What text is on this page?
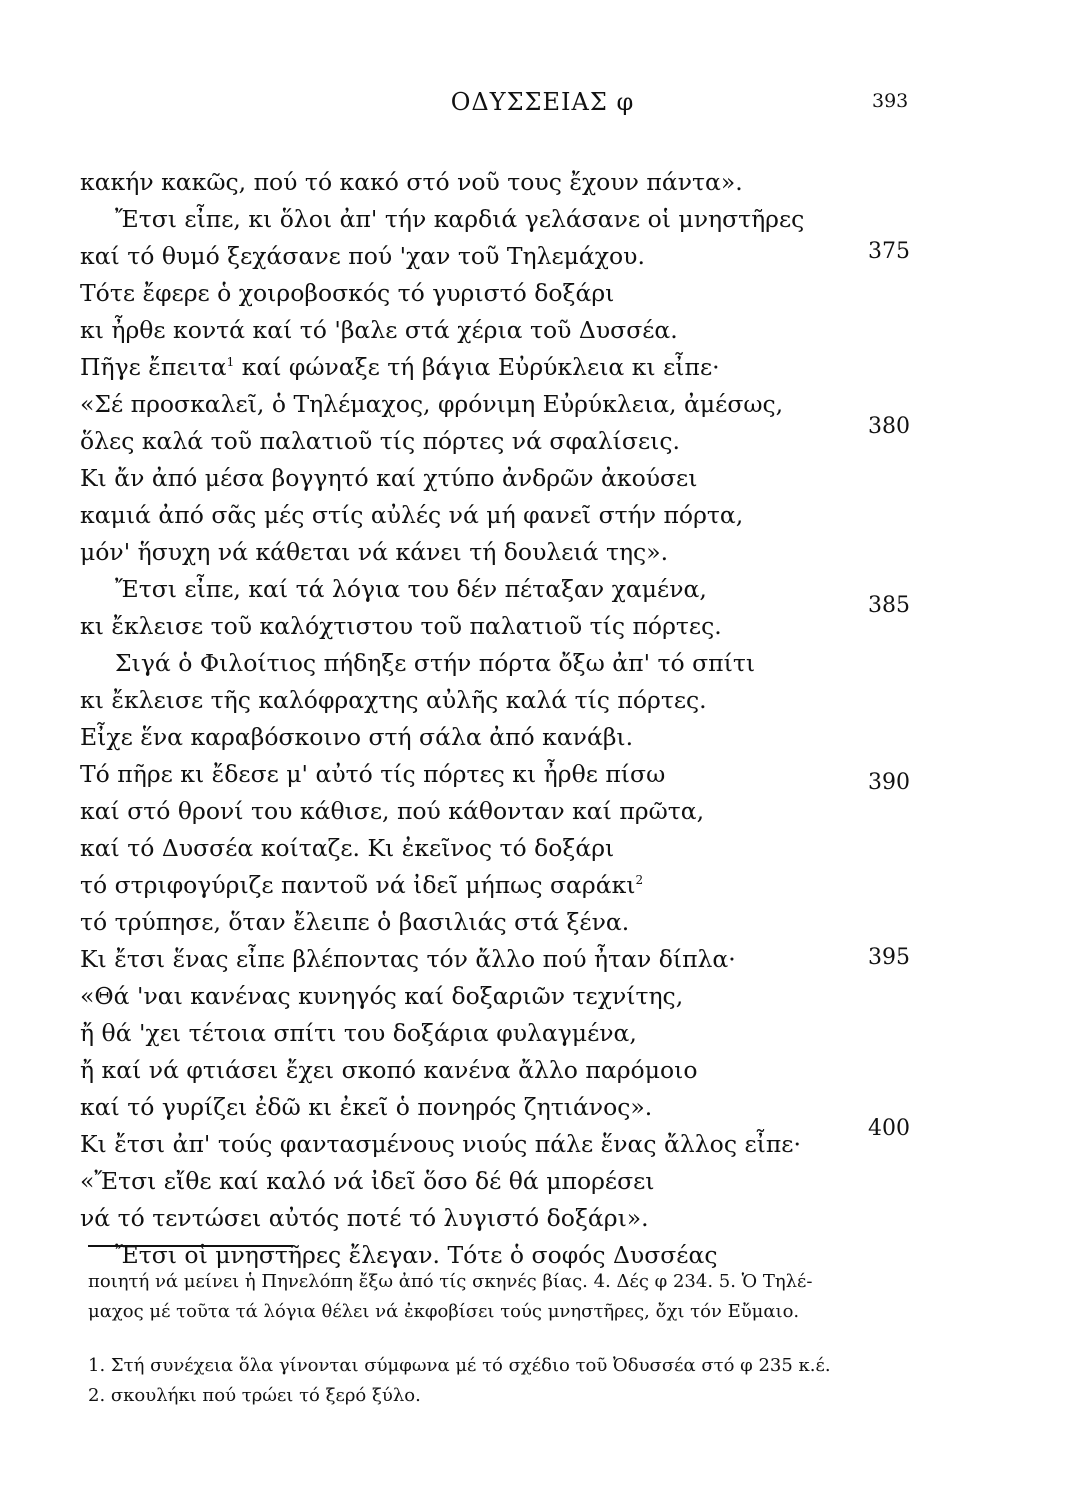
ΟΔΥΣΣΕΙΑΣ φ	393
κακήν κακῶς, πού τό κακό στό νοῦ τους ἔχουν πάντα».
Ἔτσι εἶπε, κι ὅλοι ἀπ' τήν καρδιά γελάσανε οἱ μνηστῆρες
καί τό θυμό ξεχάσανε πού 'χαν τοῦ Τηλεμάχου.	375
Τότε ἔφερε ὁ χοιροβοσκός τό γυριστό δοξάρι
κι ἦρθε κοντά καί τό 'βαλε στά χέρια τοῦ Δυσσέα.
Πῆγε ἔπειτα$^1$ καί φώναξε τή βάγια Εὐρύκλεια κι εἶπε·
«Σέ προσκαλεῖ, ὁ Τηλέμαχος, φρόνιμη Εὐρύκλεια, ἀμέσως,
ὅλες καλά τοῦ παλατιοῦ τίς πόρτες νά σφαλίσεις.
380
Κι ἄν ἀπό μέσα βογγητό καί χτύπο ἀνδρῶν ἀκούσει
καμιά ἀπό σᾶς μές στίς αὐλές νά μή φανεῖ στήν πόρτα,
μόν' ἥσυχη νά κάθεται νά κάνει τή δουλειά της».
Ἔτσι εἶπε, καί τά λόγια του δέν πέταξαν χαμένα,
κι ἔκλεισε τοῦ καλόχτιστου τοῦ παλατιοῦ τίς πόρτες.
385
Σιγά ὁ Φιλοίτιος πήδηξε στήν πόρτα ὄξω ἀπ' τό σπίτι
κι ἔκλεισε τῆς καλόφραχτης αὐλῆς καλά τίς πόρτες.
Εἶχε ἕνα καραβόσκοινο στή σάλα ἀπό κανάβι.
Τό πῆρε κι ἔδεσε μ' αὐτό τίς πόρτες κι ἦρθε πίσω
καί στό θρονί του κάθισε, πού κάθονταν καί πρῶτα,
390
καί τό Δυσσέα κοίταζε. Κι ἐκεῖνος τό δοξάρι
τό στριφογύριζε παντοῦ νά ἰδεῖ μήπως σαράκι$^2$
τό τρύπησε, ὅταν ἔλειπε ὁ βασιλιάς στά ξένα.
Κι ἔτσι ἕνας εἶπε βλέποντας τόν ἄλλο πού ἦταν δίπλα·
«Θά 'ναι κανένας κυνηγός καί δοξαριῶν τεχνίτης,
395
ἤ θά 'χει τέτοια σπίτι του δοξάρια φυλαγμένα,
ἤ καί νά φτιάσει ἔχει σκοπό κανένα ἄλλο παρόμοιο
καί τό γυρίζει ἐδῶ κι ἐκεῖ ὁ πονηρός ζητιάνος».
Κι ἔτσι ἀπ' τούς φαντασμένους νιούς πάλε ἕνας ἄλλος εἶπε·
«Ἔτσι εἴθε καί καλό νά ἰδεῖ ὅσο δέ θά μπορέσει
400
νά τό τεντώσει αὐτός ποτέ τό λυγιστό δοξάρι».
Ἔτσι οἱ μνηστῆρες ἔλεγαν. Τότε ὁ σοφός Δυσσέας
ποιητή νά μείνει ἡ Πηνελόπη ἔξω ἀπό τίς σκηνές βίας. 4. Δές φ 234. 5. Ὁ Τηλέ-
μαχος μέ τοῦτα τά λόγια θέλει νά ἐκφοβίσει τούς μνηστῆρες, ὄχι τόν Εὔμαιο.
1. Στή συνέχεια ὅλα γίνονται σύμφωνα μέ τό σχέδιο τοῦ Ὀδυσσέα στό φ 235 κ.έ.
2. σκουλήκι πού τρώει τό ξερό ξύλο.
